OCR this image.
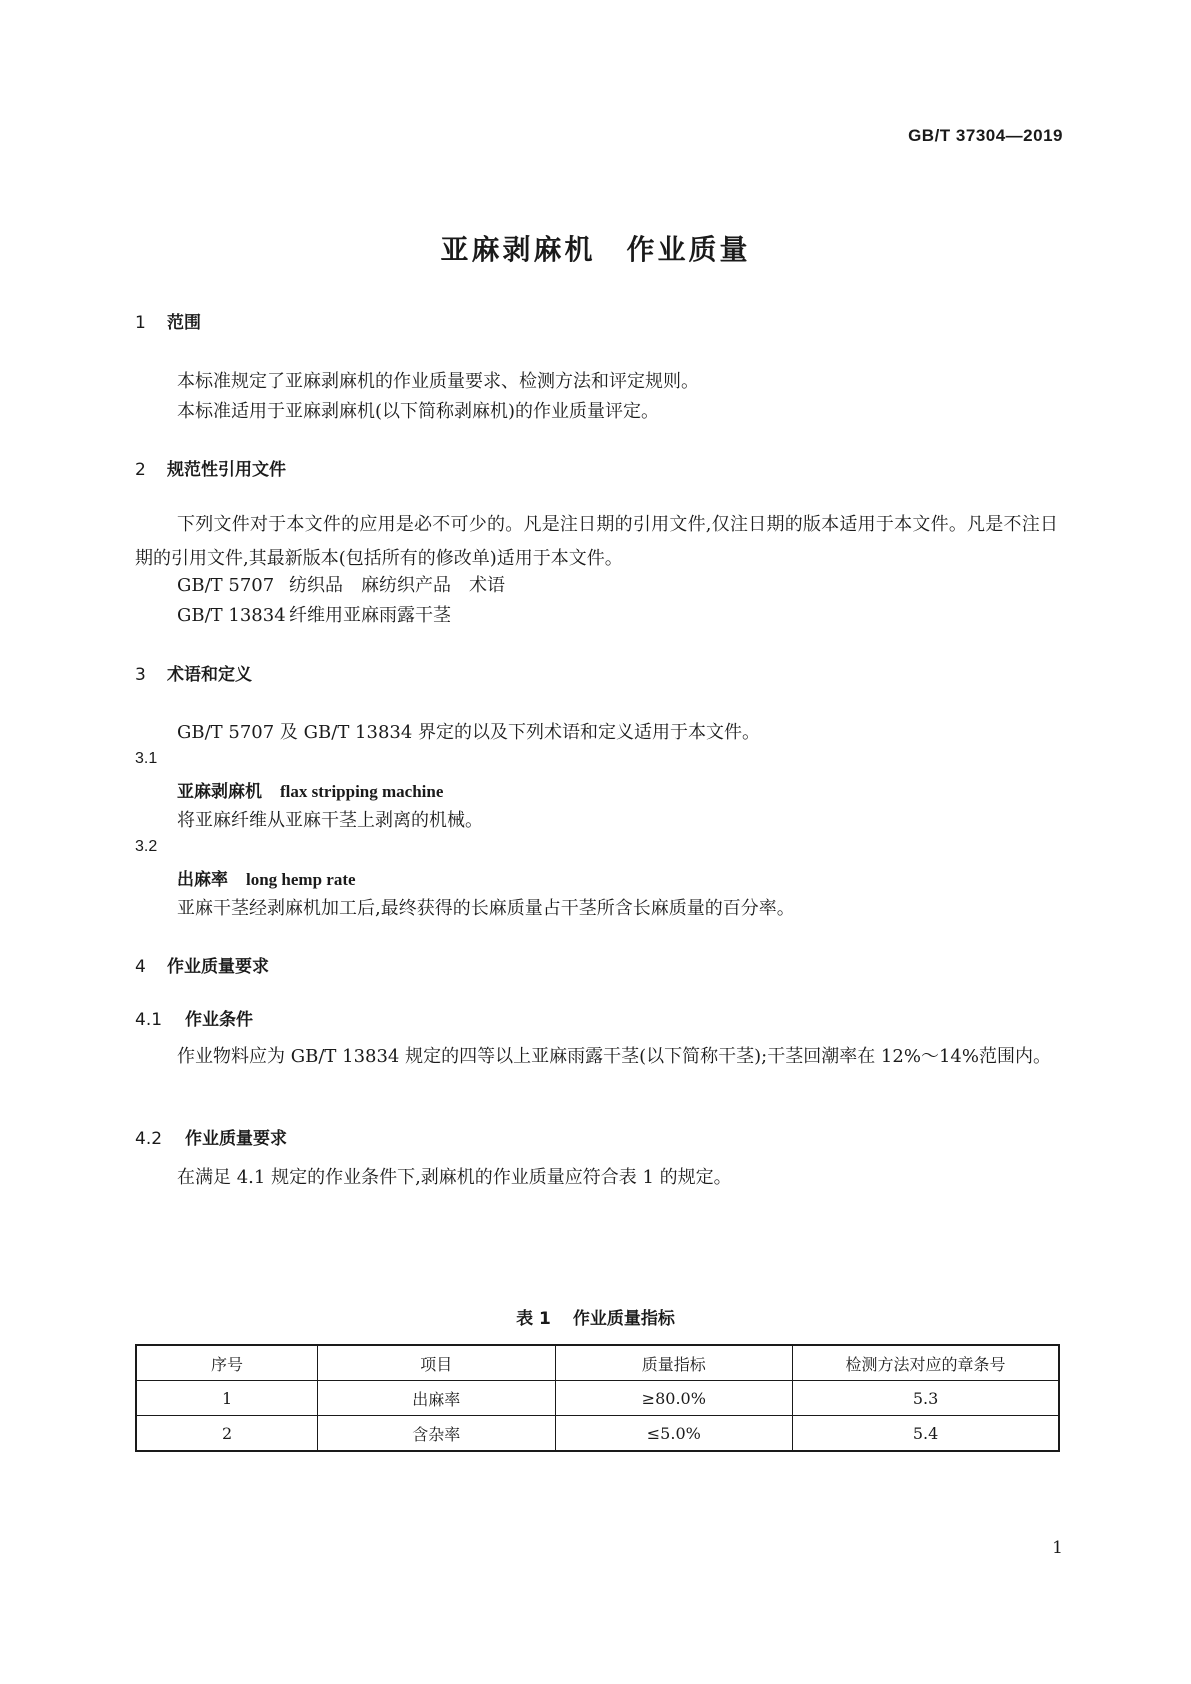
GB/T 37304—2019
亚麻剥麻机　作业质量
1 范围
本标准规定了亚麻剥麻机的作业质量要求、检测方法和评定规则。
本标准适用于亚麻剥麻机(以下简称剥麻机)的作业质量评定。
2 规范性引用文件
下列文件对于本文件的应用是必不可少的。凡是注日期的引用文件,仅注日期的版本适用于本文件。凡是不注日期的引用文件,其最新版本(包括所有的修改单)适用于本文件。
GB/T 5707 纺织品　麻纺织产品　术语
GB/T 13834 纤维用亚麻雨露干茎
3 术语和定义
GB/T 5707 及 GB/T 13834 界定的以及下列术语和定义适用于本文件。
3.1
亚麻剥麻机 flax stripping machine
将亚麻纤维从亚麻干茎上剥离的机械。
3.2
出麻率 long hemp rate
亚麻干茎经剥麻机加工后,最终获得的长麻质量占干茎所含长麻质量的百分率。
4 作业质量要求
4.1 作业条件
作业物料应为 GB/T 13834 规定的四等以上亚麻雨露干茎(以下简称干茎);干茎回潮率在 12%～14%范围内。
4.2 作业质量要求
在满足 4.1 规定的作业条件下,剥麻机的作业质量应符合表 1 的规定。
表 1 作业质量指标
序号	项目	质量指标	检测方法对应的章条号
1	出麻率	≥80.0%	5.3
2	含杂率	≤5.0%	5.4
1
